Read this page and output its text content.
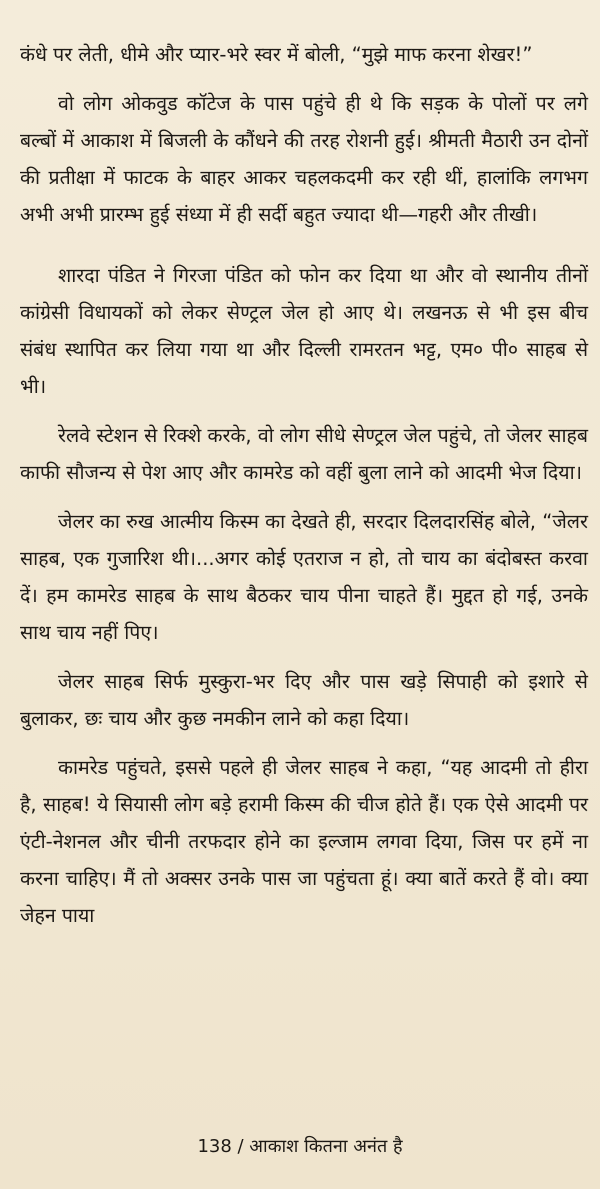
कंधे पर लेती, धीमे और प्यार-भरे स्वर में बोली, “मुझे माफ करना शेखर!”

वो लोग ओकवुड कॉटेज के पास पहुंचे ही थे कि सड़क के पोलों पर लगे बल्बों में आकाश में बिजली के कौंधने की तरह रोशनी हुई। श्रीमती मैठारी उन दोनों की प्रतीक्षा में फाटक के बाहर आकर चहलकदमी कर रही थीं, हालांकि लगभग अभी अभी प्रारम्भ हुई संध्या में ही सर्दी बहुत ज्यादा थी—गहरी और तीखी।

शारदा पंडित ने गिरजा पंडित को फोन कर दिया था और वो स्थानीय तीनों कांग्रेसी विधायकों को लेकर सेण्ट्रल जेल हो आए थे। लखनऊ से भी इस बीच संबंध स्थापित कर लिया गया था और दिल्ली रामरतन भट्ट, एम० पी० साहब से भी।

रेलवे स्टेशन से रिक्शे करके, वो लोग सीधे सेण्ट्रल जेल पहुंचे, तो जेलर साहब काफी सौजन्य से पेश आए और कामरेड को वहीं बुला लाने को आदमी भेज दिया।

जेलर का रुख आत्मीय किस्म का देखते ही, सरदार दिलदारसिंह बोले, “जेलर साहब, एक गुजारिश थी।...अगर कोई एतराज न हो, तो चाय का बंदोबस्त करवा दें। हम कामरेड साहब के साथ बैठकर चाय पीना चाहते हैं। मुद्दत हो गई, उनके साथ चाय नहीं पिए।

जेलर साहब सिर्फ मुस्कुरा-भर दिए और पास खड़े सिपाही को इशारे से बुलाकर, छः चाय और कुछ नमकीन लाने को कहा दिया।

कामरेड पहुंचते, इससे पहले ही जेलर साहब ने कहा, “यह आदमी तो हीरा है, साहब! ये सियासी लोग बड़े हरामी किस्म की चीज होते हैं। एक ऐसे आदमी पर एंटी-नेशनल और चीनी तरफदार होने का इल्जाम लगवा दिया, जिस पर हमें ना करना चाहिए। मैं तो अक्सर उनके पास जा पहुंचता हूं। क्या बातें करते हैं वो। क्या जेहन पाया

138 / आकाश कितना अनंत है
